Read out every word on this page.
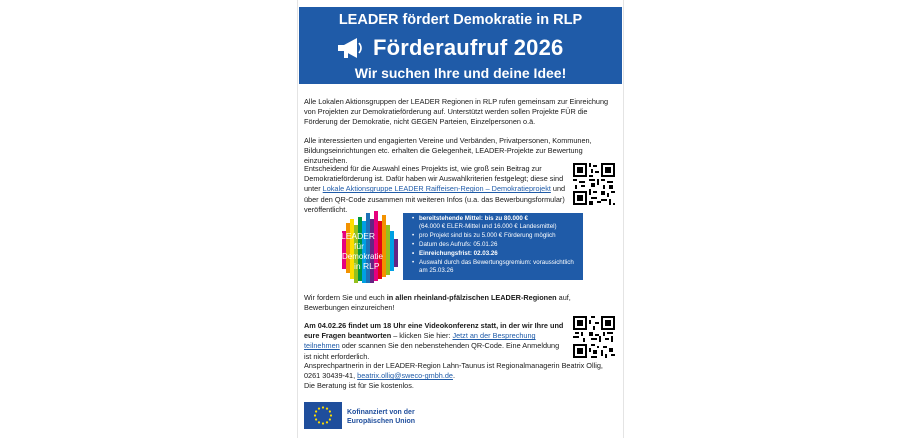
LEADER fördert Demokratie in RLP
Förderaufruf 2026
Wir suchen Ihre und deine Idee!

Alle Lokalen Aktionsgruppen der LEADER Regionen in RLP rufen gemeinsam zur Einreichung von Projekten zur Demokratieförderung auf. Unterstützt werden sollen Projekte FÜR die Förderung der Demokratie, nicht GEGEN Parteien, Einzelpersonen o.ä.

Alle interessierten und engagierten Vereine und Verbänden, Privatpersonen, Kommunen, Bildungseinrichtungen etc. erhalten die Gelegenheit, LEADER-Projekte zur Bewertung einzureichen.

Entscheidend für die Auswahl eines Projekts ist, wie groß sein Beitrag zur Demokratieförderung ist. Dafür haben wir Auswahlkriterien festgelegt; diese sind unter Lokale Aktionsgruppe LEADER Raiffeisen-Region – Demokratieprojekt und über den QR-Code zusammen mit weiteren Infos (u.a. das Bewerbungsformular) veröffentlicht.

LEADER
für
Demokratie
in RLP
• bereitstehende Mittel: bis zu 80.000 €
(64.000 € ELER-Mittel und 16.000 € Landesmittel)
• pro Projekt sind bis zu 5.000 € Förderung möglich
• Datum des Aufrufs: 05.01.26
• Einreichungsfrist: 02.03.26
• Auswahl durch das Bewertungsgremium: voraussichtlich am 25.03.26

Wir fordern Sie und euch in allen rheinland-pfälzischen LEADER-Regionen auf, Bewerbungen einzureichen!

Am 04.02.26 findet um 18 Uhr eine Videokonferenz statt, in der wir Ihre und eure Fragen beantworten – klicken Sie hier: Jetzt an der Besprechung teilnehmen oder scannen Sie den nebenstehenden QR-Code. Eine Anmeldung ist nicht erforderlich.

Ansprechpartnerin in der LEADER-Region Lahn-Taunus ist Regionalmanagerin Beatrix Ollig,
0261 30439-41, beatrix.ollig@sweco-gmbh.de.
Die Beratung ist für Sie kostenlos.

Kofinanziert von der
Europäischen Union
